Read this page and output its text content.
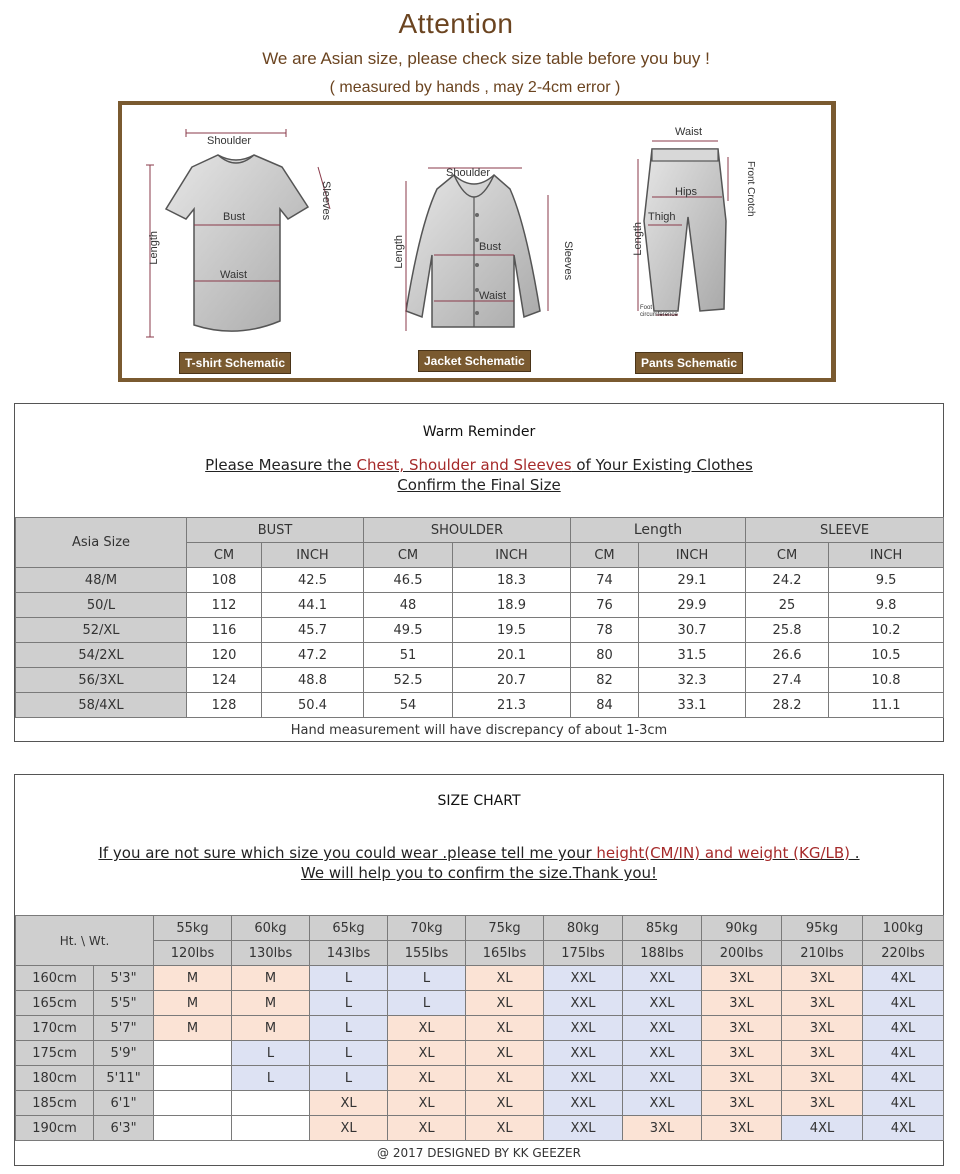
Attention
We are Asian size, please check size table before you buy !
( measured by hands , may 2-4cm error )
Shoulder
Sleeves
Bust
Waist
Length
T-shirt Schematic
Shoulder
Bust
Waist
Length	Sleeves
Jacket Schematic
Waist
Front Crotch
Hips
Thigh
Length
Foot circumference
Pants Schematic
Warm Reminder
Please Measure the Chest, Shoulder and Sleeves of Your Existing Clothes
Confirm the Final Size
Asia Size	BUST		SHOULDER		Length		SLEEVE	
	CM	INCH	CM	INCH	CM	INCH	CM	INCH
48/M	108	42.5	46.5	18.3	74	29.1	24.2	9.5
50/L	112	44.1	48	18.9	76	29.9	25	9.8
52/XL	116	45.7	49.5	19.5	78	30.7	25.8	10.2
54/2XL	120	47.2	51	20.1	80	31.5	26.6	10.5
56/3XL	124	48.8	52.5	20.7	82	32.3	27.4	10.8
58/4XL	128	50.4	54	21.3	84	33.1	28.2	11.1
Hand measurement will have discrepancy of about 1-3cm
SIZE CHART
If you are not sure which size you could wear .please tell me your height(CM/IN) and weight (KG/LB) .
We will help you to confirm the size.Thank you!
Ht. \ Wt.		55kg	60kg	65kg	70kg	75kg	80kg	85kg	90kg	95kg	100kg
		120lbs	130lbs	143lbs	155lbs	165lbs	175lbs	188lbs	200lbs	210lbs	220lbs
160cm	5'3"	M	M	L	L	XL	XXL	XXL	3XL	3XL	4XL
165cm	5'5"	M	M	L	L	XL	XXL	XXL	3XL	3XL	4XL
170cm	5'7"	M	M	L	XL	XL	XXL	XXL	3XL	3XL	4XL
175cm	5'9"		L	L	XL	XL	XXL	XXL	3XL	3XL	4XL
180cm	5'11"		L	L	XL	XL	XXL	XXL	3XL	3XL	4XL
185cm	6'1"			XL	XL	XL	XXL	XXL	3XL	3XL	4XL
190cm	6'3"			XL	XL	XL	XXL	3XL	3XL	4XL	4XL
@ 2017 DESIGNED BY KK GEEZER
